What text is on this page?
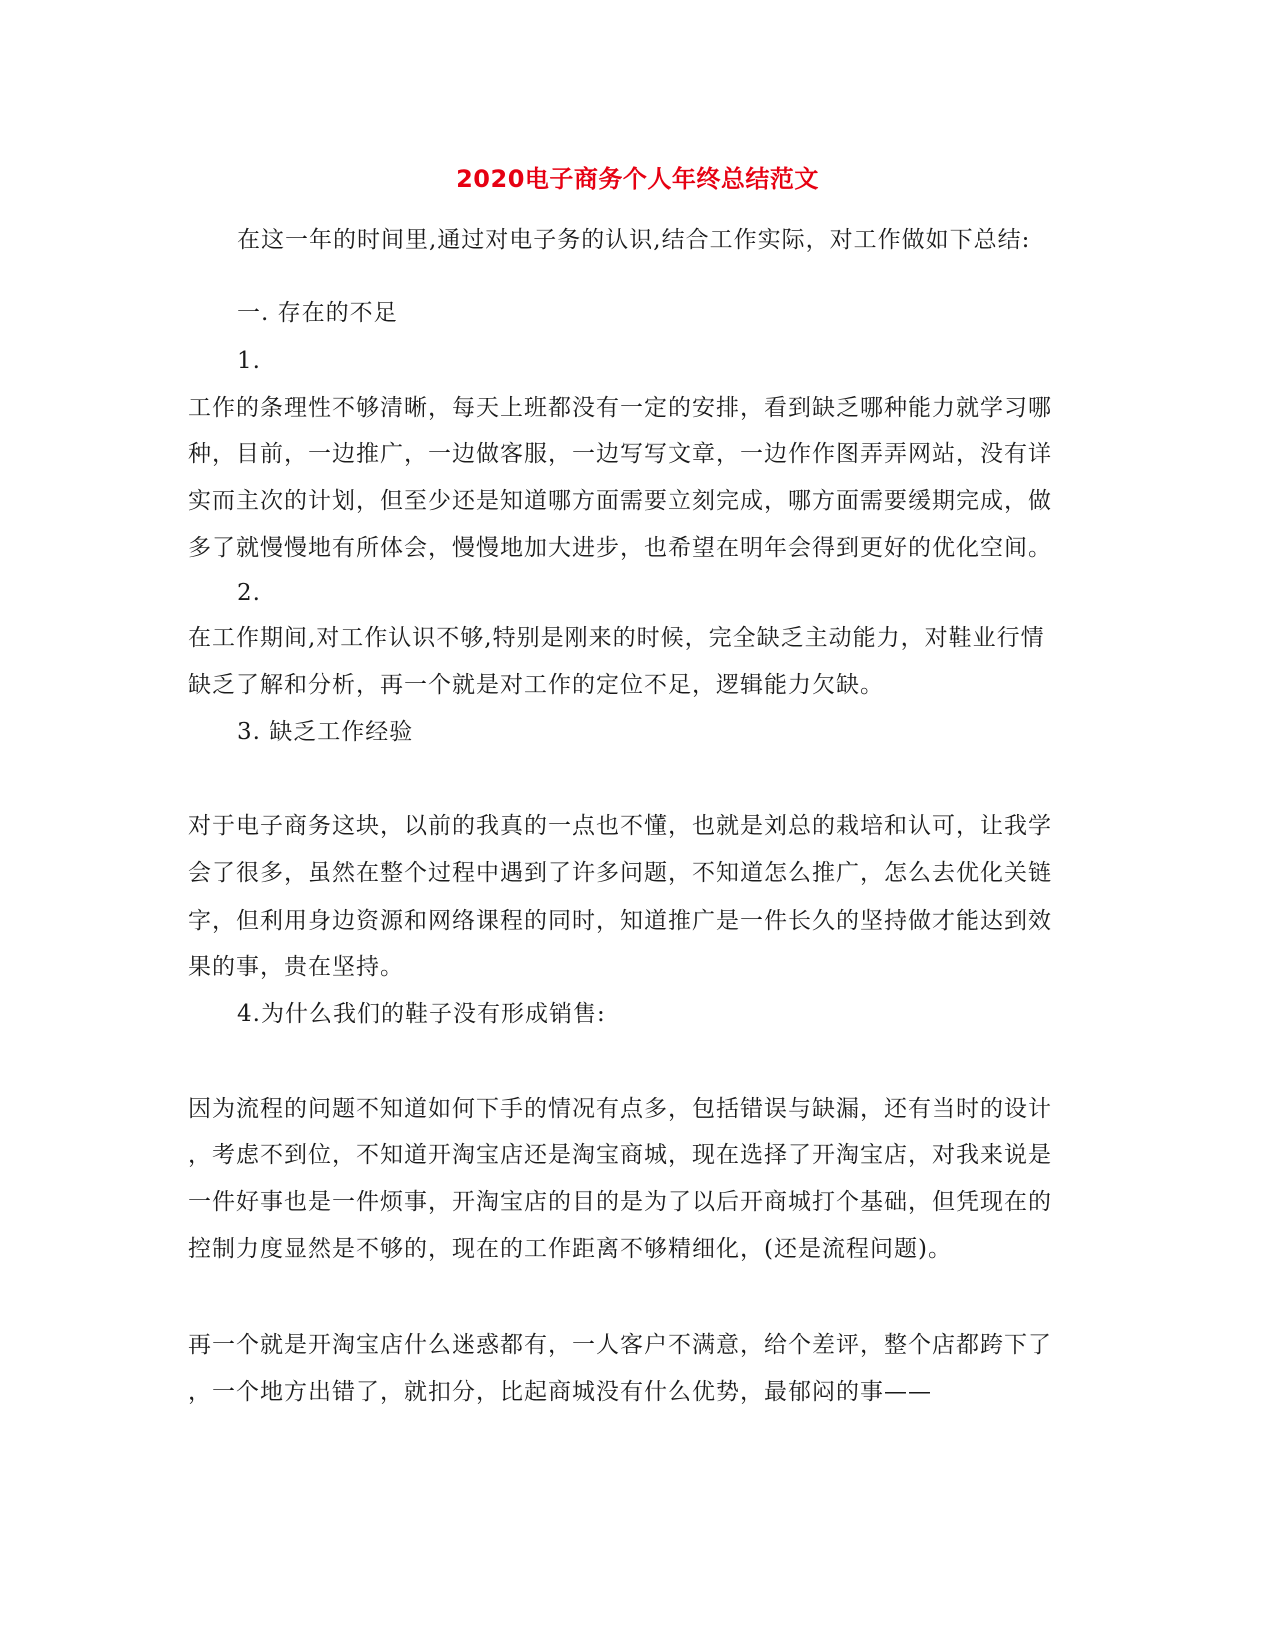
2020电子商务个人年终总结范文
在这一年的时间里,通过对电子务的认识,结合工作实际，对工作做如下总结:
一. 存在的不足
1.
工作的条理性不够清晰，每天上班都没有一定的安排，看到缺乏哪种能力就学习哪
种，目前，一边推广，一边做客服，一边写写文章，一边作作图弄弄网站，没有详
实而主次的计划，但至少还是知道哪方面需要立刻完成，哪方面需要缓期完成，做
多了就慢慢地有所体会，慢慢地加大进步，也希望在明年会得到更好的优化空间。
2.
在工作期间,对工作认识不够,特别是刚来的时候，完全缺乏主动能力，对鞋业行情
缺乏了解和分析，再一个就是对工作的定位不足，逻辑能力欠缺。
3. 缺乏工作经验
对于电子商务这块，以前的我真的一点也不懂，也就是刘总的栽培和认可，让我学
会了很多，虽然在整个过程中遇到了许多问题，不知道怎么推广，怎么去优化关链
字，但利用身边资源和网络课程的同时，知道推广是一件长久的坚持做才能达到效
果的事，贵在坚持。
4.为什么我们的鞋子没有形成销售:
因为流程的问题不知道如何下手的情况有点多，包括错误与缺漏，还有当时的设计
，考虑不到位，不知道开淘宝店还是淘宝商城，现在选择了开淘宝店，对我来说是
一件好事也是一件烦事，开淘宝店的目的是为了以后开商城打个基础，但凭现在的
控制力度显然是不够的，现在的工作距离不够精细化，(还是流程问题)。
再一个就是开淘宝店什么迷惑都有，一人客户不满意，给个差评，整个店都跨下了
，一个地方出错了，就扣分，比起商城没有什么优势，最郁闷的事——
